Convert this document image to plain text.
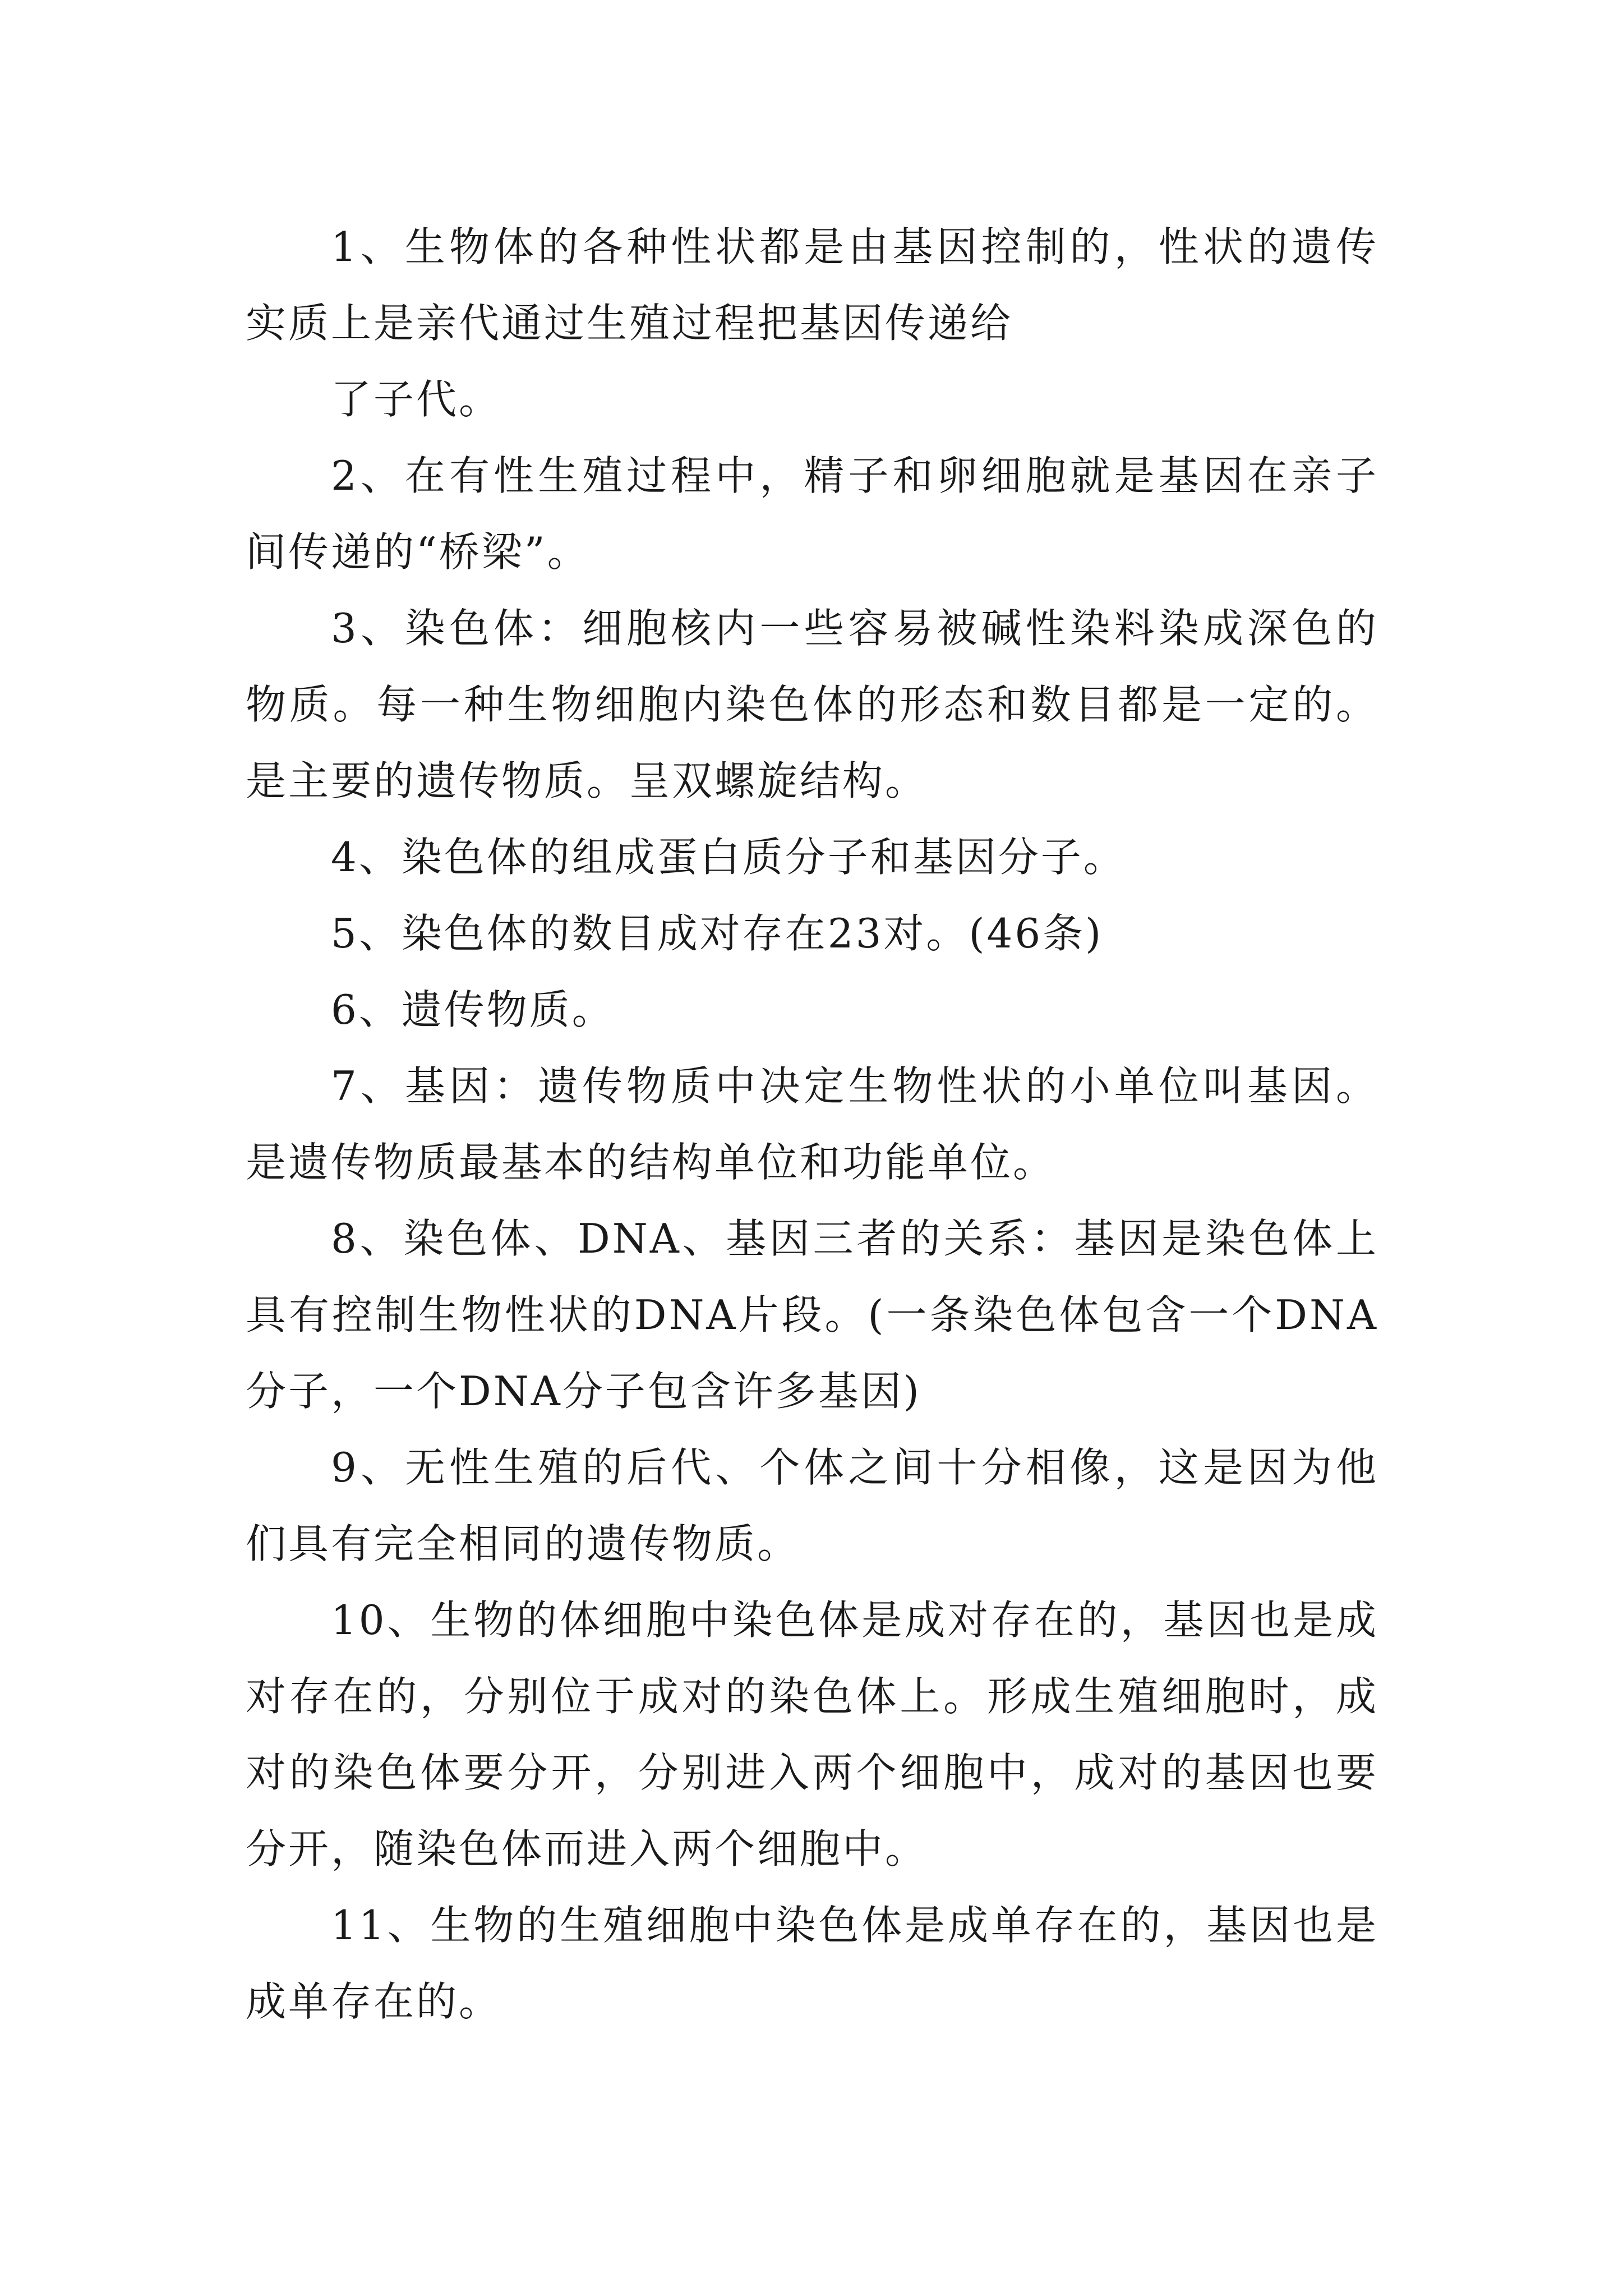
1、生物体的各种性状都是由基因控制的，性状的遗传实质上是亲代通过生殖过程把基因传递给

了子代。

2、在有性生殖过程中，精子和卵细胞就是基因在亲子间传递的“桥梁”。

3、染色体：细胞核内一些容易被碱性染料染成深色的物质。每一种生物细胞内染色体的形态和数目都是一定的。是主要的遗传物质。呈双螺旋结构。

4、染色体的组成蛋白质分子和基因分子。

5、染色体的数目成对存在23对。(46条)

6、遗传物质。

7、基因：遗传物质中决定生物性状的小单位叫基因。是遗传物质最基本的结构单位和功能单位。

8、染色体、DNA、基因三者的关系：基因是染色体上具有控制生物性状的DNA片段。(一条染色体包含一个DNA分子，一个DNA分子包含许多基因)

9、无性生殖的后代、个体之间十分相像，这是因为他们具有完全相同的遗传物质。

10、生物的体细胞中染色体是成对存在的，基因也是成对存在的，分别位于成对的染色体上。形成生殖细胞时，成对的染色体要分开，分别进入两个细胞中，成对的基因也要分开，随染色体而进入两个细胞中。

11、生物的生殖细胞中染色体是成单存在的，基因也是成单存在的。
